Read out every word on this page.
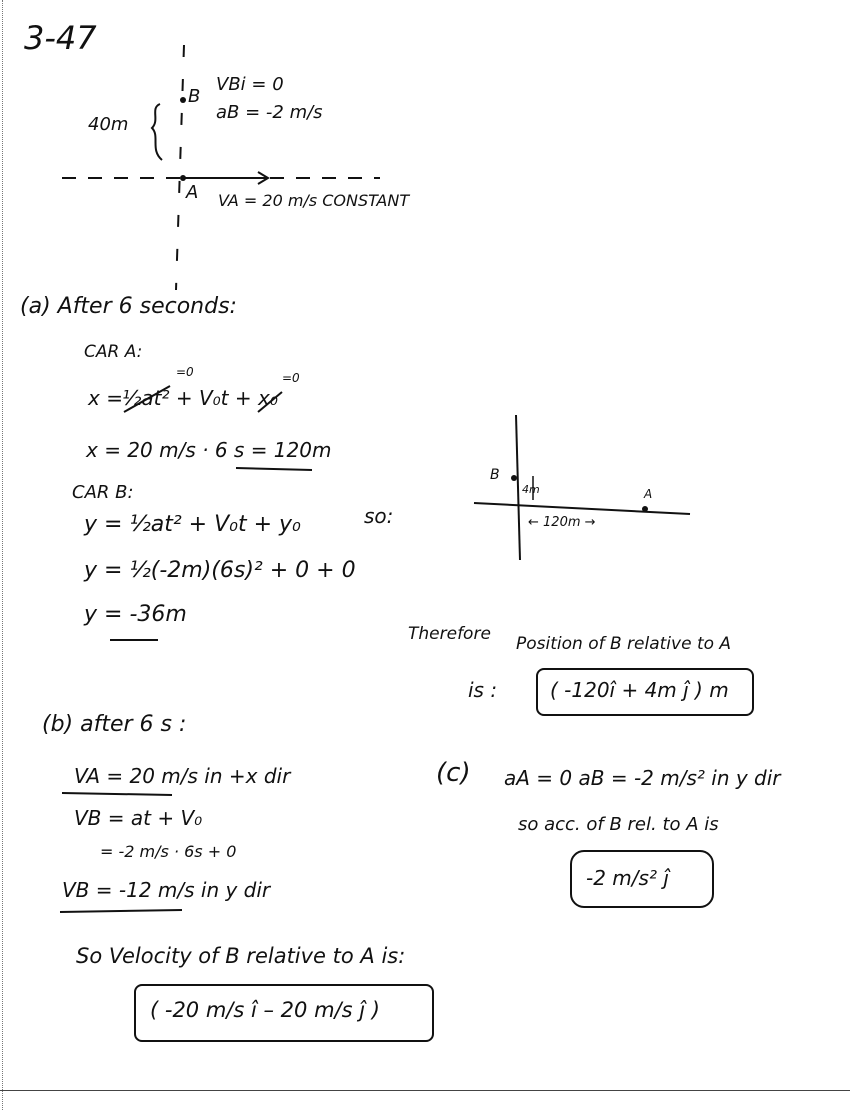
3-47
B
VBi = 0
aB = -2 m/s
40m
A VA = 20 m/s CONSTANT
(a) After 6 seconds:
CAR A:
=0	=0
x = ½at² + V₀t + x₀
x = 20 m/s · 6 s = 120m
CAR B:
y = ½at² + V₀t + y₀
y = ½(-2m)(6s)² + 0 + 0
y = -36m
so:
B
4m
← 120m →
A
Therefore Position of B relative to A
is :	( -120î + 4m ĵ ) m
(b) after 6 s :
VA = 20 m/s in +x dir
VB = at + V₀
= -2 m/s · 6s + 0
VB = -12 m/s in y dir
So Velocity of B relative to A is:
( -20 m/s î – 20 m/s ĵ )
(c) aA = 0 aB = -2 m/s² in y dir
so acc. of B rel. to A is
-2 m/s² ĵ
